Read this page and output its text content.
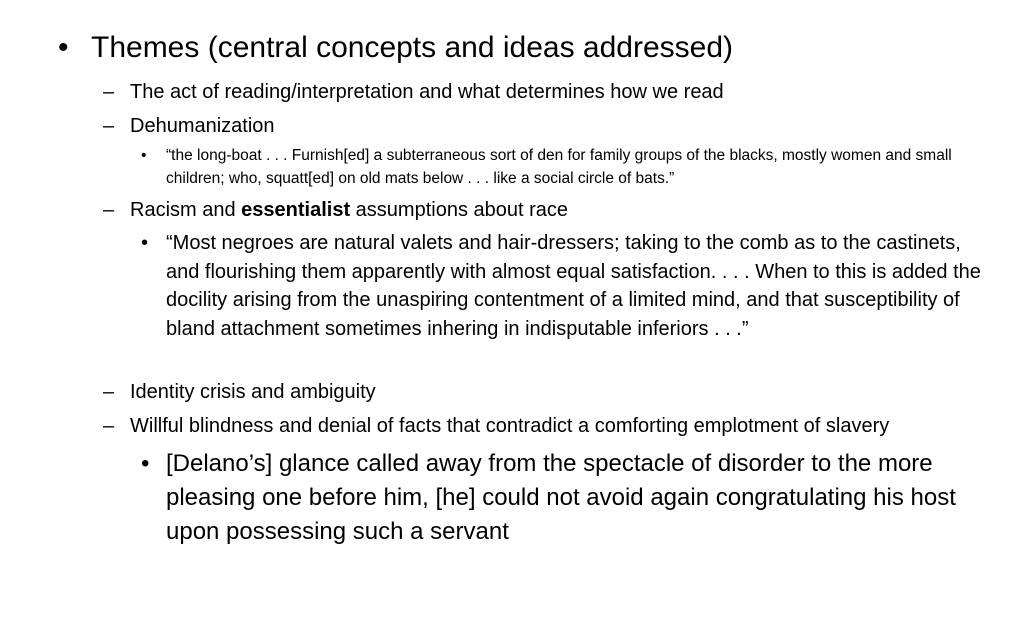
• Themes (central concepts and ideas addressed)
– The act of reading/interpretation and what determines how we read
– Dehumanization
•	“the long-boat . . . Furnish[ed] a subterraneous sort of den for family groups of the blacks, mostly women and small children; who, squatt[ed] on old mats below . . . like a social circle of bats.”
– Racism and essentialist assumptions about race
• “Most negroes are natural valets and hair-dressers; taking to the comb as to the castinets, and flourishing them apparently with almost equal satisfaction. . . . When to this is added the docility arising from the unaspiring contentment of a limited mind, and that susceptibility of bland attachment sometimes inhering in indisputable inferiors . . .”
– Identity crisis and ambiguity
– Willful blindness and denial of facts that contradict a comforting emplotment of slavery
• [Delano’s] glance called away from the spectacle of disorder to the more pleasing one before him, [he] could not avoid again congratulating his host upon possessing such a servant
